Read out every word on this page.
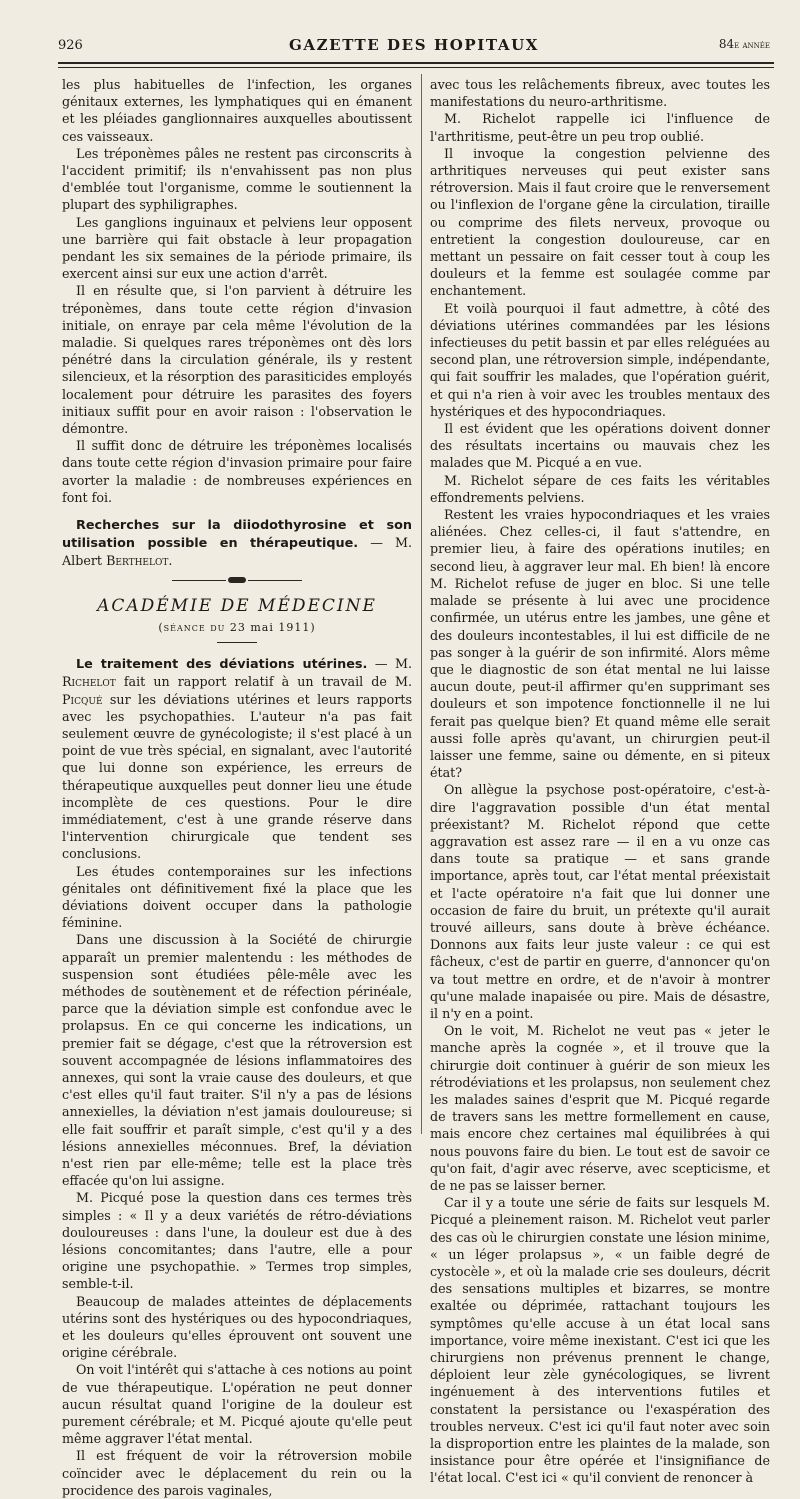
926	GAZETTE DES HOPITAUX	84e année

les plus habituelles de l'infection, les organes génitaux externes, les lymphatiques qui en émanent et les pléiades ganglionnaires auxquelles aboutissent ces vaisseaux.

Les tréponèmes pâles ne restent pas circonscrits à l'accident primitif; ils n'envahissent pas non plus d'emblée tout l'organisme, comme le soutiennent la plupart des syphiligraphes.

Les ganglions inguinaux et pelviens leur opposent une barrière qui fait obstacle à leur propagation pendant les six semaines de la période primaire, ils exercent ainsi sur eux une action d'arrêt.

Il en résulte que, si l'on parvient à détruire les tréponèmes, dans toute cette région d'invasion initiale, on enraye par cela même l'évolution de la maladie. Si quelques rares tréponèmes ont dès lors pénétré dans la circulation générale, ils y restent silencieux, et la résorption des parasiticides employés localement pour détruire les parasites des foyers initiaux suffit pour en avoir raison : l'observation le démontre.

Il suffit donc de détruire les tréponèmes localisés dans toute cette région d'invasion primaire pour faire avorter la maladie : de nombreuses expériences en font foi.

Recherches sur la diiodothyrosine et son utilisation possible en thérapeutique. — M. Albert Berthelot.

ACADÉMIE DE MÉDECINE
(séance du 23 mai 1911)

Le traitement des déviations utérines. — M. Richelot fait un rapport relatif à un travail de M. Picqué sur les déviations utérines et leurs rapports avec les psychopathies. L'auteur n'a pas fait seulement œuvre de gynécologiste; il s'est placé à un point de vue très spécial, en signalant, avec l'autorité que lui donne son expérience, les erreurs de thérapeutique auxquelles peut donner lieu une étude incomplète de ces questions. Pour le dire immédiatement, c'est à une grande réserve dans l'intervention chirurgicale que tendent ses conclusions.

Les études contemporaines sur les infections génitales ont définitivement fixé la place que les déviations doivent occuper dans la pathologie féminine.

Dans une discussion à la Société de chirurgie apparaît un premier malentendu : les méthodes de suspension sont étudiées pêle-mêle avec les méthodes de soutènement et de réfection périnéale, parce que la déviation simple est confondue avec le prolapsus. En ce qui concerne les indications, un premier fait se dégage, c'est que la rétroversion est souvent accompagnée de lésions inflammatoires des annexes, qui sont la vraie cause des douleurs, et que c'est elles qu'il faut traiter. S'il n'y a pas de lésions annexielles, la déviation n'est jamais douloureuse; si elle fait souffrir et paraît simple, c'est qu'il y a des lésions annexielles méconnues. Bref, la déviation n'est rien par elle-même; telle est la place très effacée qu'on lui assigne.

M. Picqué pose la question dans ces termes très simples : « Il y a deux variétés de rétro-déviations douloureuses : dans l'une, la douleur est due à des lésions concomitantes; dans l'autre, elle a pour origine une psychopathie. » Termes trop simples, semble-t-il.

Beaucoup de malades atteintes de déplacements utérins sont des hystériques ou des hypocondriaques, et les douleurs qu'elles éprouvent ont souvent une origine cérébrale.

On voit l'intérêt qui s'attache à ces notions au point de vue thérapeutique. L'opération ne peut donner aucun résultat quand l'origine de la douleur est purement cérébrale; et M. Picqué ajoute qu'elle peut même aggraver l'état mental.

Il est fréquent de voir la rétroversion mobile coïncider avec le déplacement du rein ou la procidence des parois vaginales,

avec tous les relâchements fibreux, avec toutes les manifestations du neuro-arthritisme.

M. Richelot rappelle ici l'influence de l'arthritisme, peut-être un peu trop oublié.

Il invoque la congestion pelvienne des arthritiques nerveuses qui peut exister sans rétroversion. Mais il faut croire que le renversement ou l'inflexion de l'organe gêne la circulation, tiraille ou comprime des filets nerveux, provoque ou entretient la congestion douloureuse, car en mettant un pessaire on fait cesser tout à coup les douleurs et la femme est soulagée comme par enchantement.

Et voilà pourquoi il faut admettre, à côté des déviations utérines commandées par les lésions infectieuses du petit bassin et par elles reléguées au second plan, une rétroversion simple, indépendante, qui fait souffrir les malades, que l'opération guérit, et qui n'a rien à voir avec les troubles mentaux des hystériques et des hypocondriaques.

Il est évident que les opérations doivent donner des résultats incertains ou mauvais chez les malades que M. Picqué a en vue.

M. Richelot sépare de ces faits les véritables effondrements pelviens.

Restent les vraies hypocondriaques et les vraies aliénées. Chez celles-ci, il faut s'attendre, en premier lieu, à faire des opérations inutiles; en second lieu, à aggraver leur mal. Eh bien! là encore M. Richelot refuse de juger en bloc. Si une telle malade se présente à lui avec une procidence confirmée, un utérus entre les jambes, une gêne et des douleurs incontestables, il lui est difficile de ne pas songer à la guérir de son infirmité. Alors même que le diagnostic de son état mental ne lui laisse aucun doute, peut-il affirmer qu'en supprimant ses douleurs et son impotence fonctionnelle il ne lui ferait pas quelque bien? Et quand même elle serait aussi folle après qu'avant, un chirurgien peut-il laisser une femme, saine ou démente, en si piteux état?

On allègue la psychose post-opératoire, c'est-à-dire l'aggravation possible d'un état mental préexistant? M. Richelot répond que cette aggravation est assez rare — il en a vu onze cas dans toute sa pratique — et sans grande importance, après tout, car l'état mental préexistait et l'acte opératoire n'a fait que lui donner une occasion de faire du bruit, un prétexte qu'il aurait trouvé ailleurs, sans doute à brève échéance. Donnons aux faits leur juste valeur : ce qui est fâcheux, c'est de partir en guerre, d'annoncer qu'on va tout mettre en ordre, et de n'avoir à montrer qu'une malade inapaisée ou pire. Mais de désastre, il n'y en a point.

On le voit, M. Richelot ne veut pas « jeter le manche après la cognée », et il trouve que la chirurgie doit continuer à guérir de son mieux les rétrodéviations et les prolapsus, non seulement chez les malades saines d'esprit que M. Picqué regarde de travers sans les mettre formellement en cause, mais encore chez certaines mal équilibrées à qui nous pouvons faire du bien. Le tout est de savoir ce qu'on fait, d'agir avec réserve, avec scepticisme, et de ne pas se laisser berner.

Car il y a toute une série de faits sur lesquels M. Picqué a pleinement raison. M. Richelot veut parler des cas où le chirurgien constate une lésion minime, « un léger prolapsus », « un faible degré de cystocèle », et où la malade crie ses douleurs, décrit des sensations multiples et bizarres, se montre exaltée ou déprimée, rattachant toujours les symptômes qu'elle accuse à un état local sans importance, voire même inexistant. C'est ici que les chirurgiens non prévenus prennent le change, déploient leur zèle gynécologiques, se livrent ingénuement à des interventions futiles et constatent la persistance ou l'exaspération des troubles nerveux. C'est ici qu'il faut noter avec soin la disproportion entre les plaintes de la malade, son insistance pour être opérée et l'insignifiance de l'état local. C'est ici « qu'il convient de renoncer à
